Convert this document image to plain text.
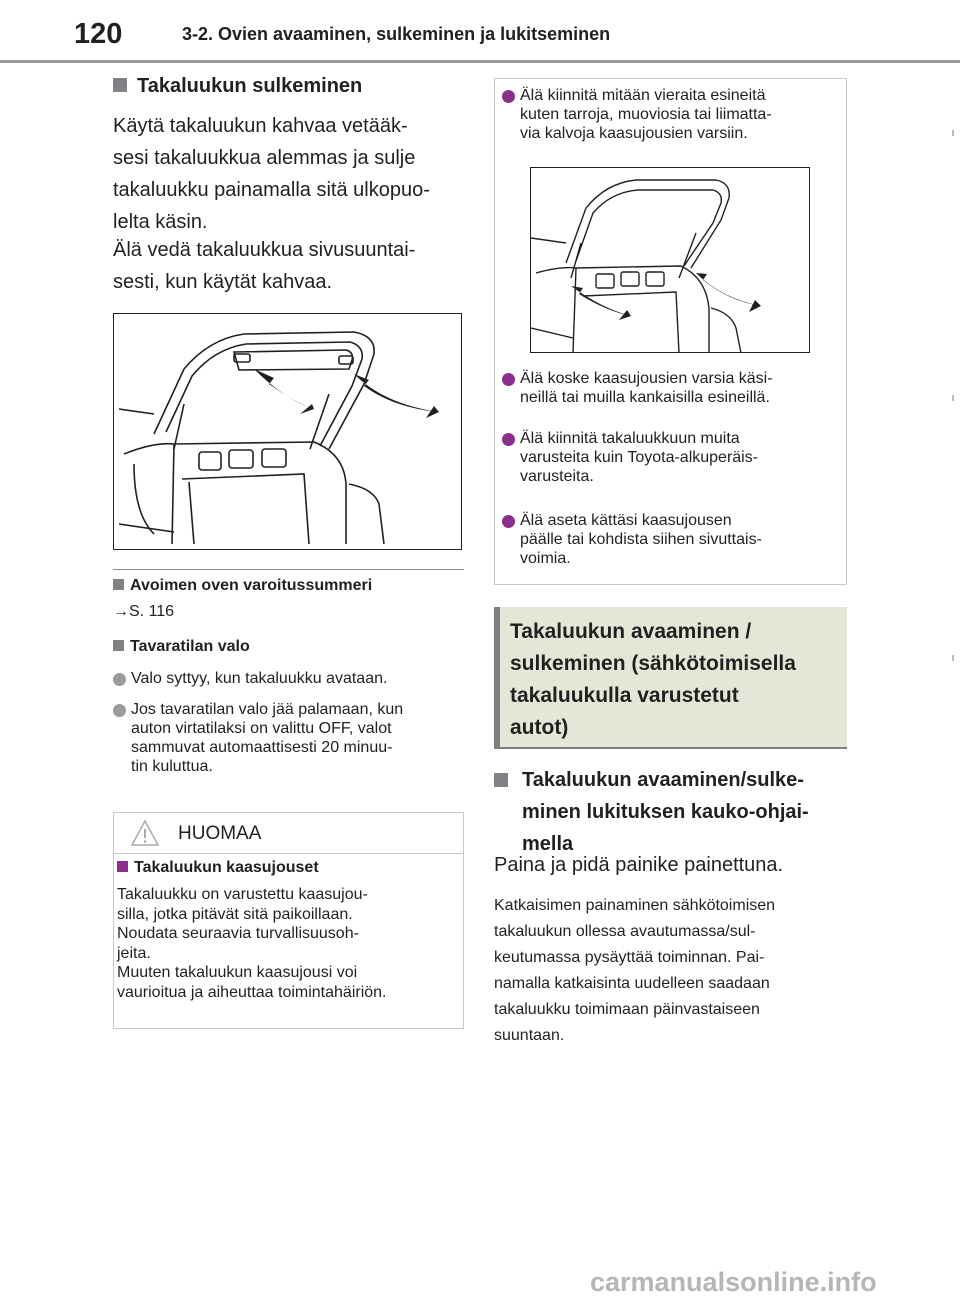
120	3-2. Ovien avaaminen, sulkeminen ja lukitseminen
Takaluukun sulkeminen
Käytä takaluukun kahvaa vetääk-
sesi takaluukkua alemmas ja sulje
takaluukku painamalla sitä ulkopuo-
lelta käsin.
Älä vedä takaluukkua sivusuuntai-
sesti, kun käytät kahvaa.
Avoimen oven varoitussummeri
→S. 116
Tavaratilan valo
Valo syttyy, kun takaluukku avataan.
Jos tavaratilan valo jää palamaan, kun
auton virtatilaksi on valittu OFF, valot
sammuvat automaattisesti 20 minuu-
tin kuluttua.
HUOMAA
Takaluukun kaasujouset
Takaluukku on varustettu kaasujou-
silla, jotka pitävät sitä paikoillaan.
Noudata seuraavia turvallisuusoh-
jeita.
Muuten takaluukun kaasujousi voi
vaurioitua ja aiheuttaa toimintahäiriön.
Älä kiinnitä mitään vieraita esineitä
kuten tarroja, muoviosia tai liimatta-
via kalvoja kaasujousien varsiin.
Älä koske kaasujousien varsia käsi-
neillä tai muilla kankaisilla esineillä.
Älä kiinnitä takaluukkuun muita
varusteita kuin Toyota-alkuperäis-
varusteita.
Älä aseta kättäsi kaasujousen
päälle tai kohdista siihen sivuttais-
voimia.
Takaluukun avaaminen /
sulkeminen (sähkötoimisella
takaluukulla varustetut
autot)
Takaluukun avaaminen/sulke-
minen lukituksen kauko-ohjai-
mella
Paina ja pidä painike painettuna.
Katkaisimen painaminen sähkötoimisen
takaluukun ollessa avautumassa/sul-
keutumassa pysäyttää toiminnan. Pai-
namalla katkaisinta uudelleen saadaan
takaluukku toimimaan päinvastaiseen
suuntaan.
carmanualsonline.info
